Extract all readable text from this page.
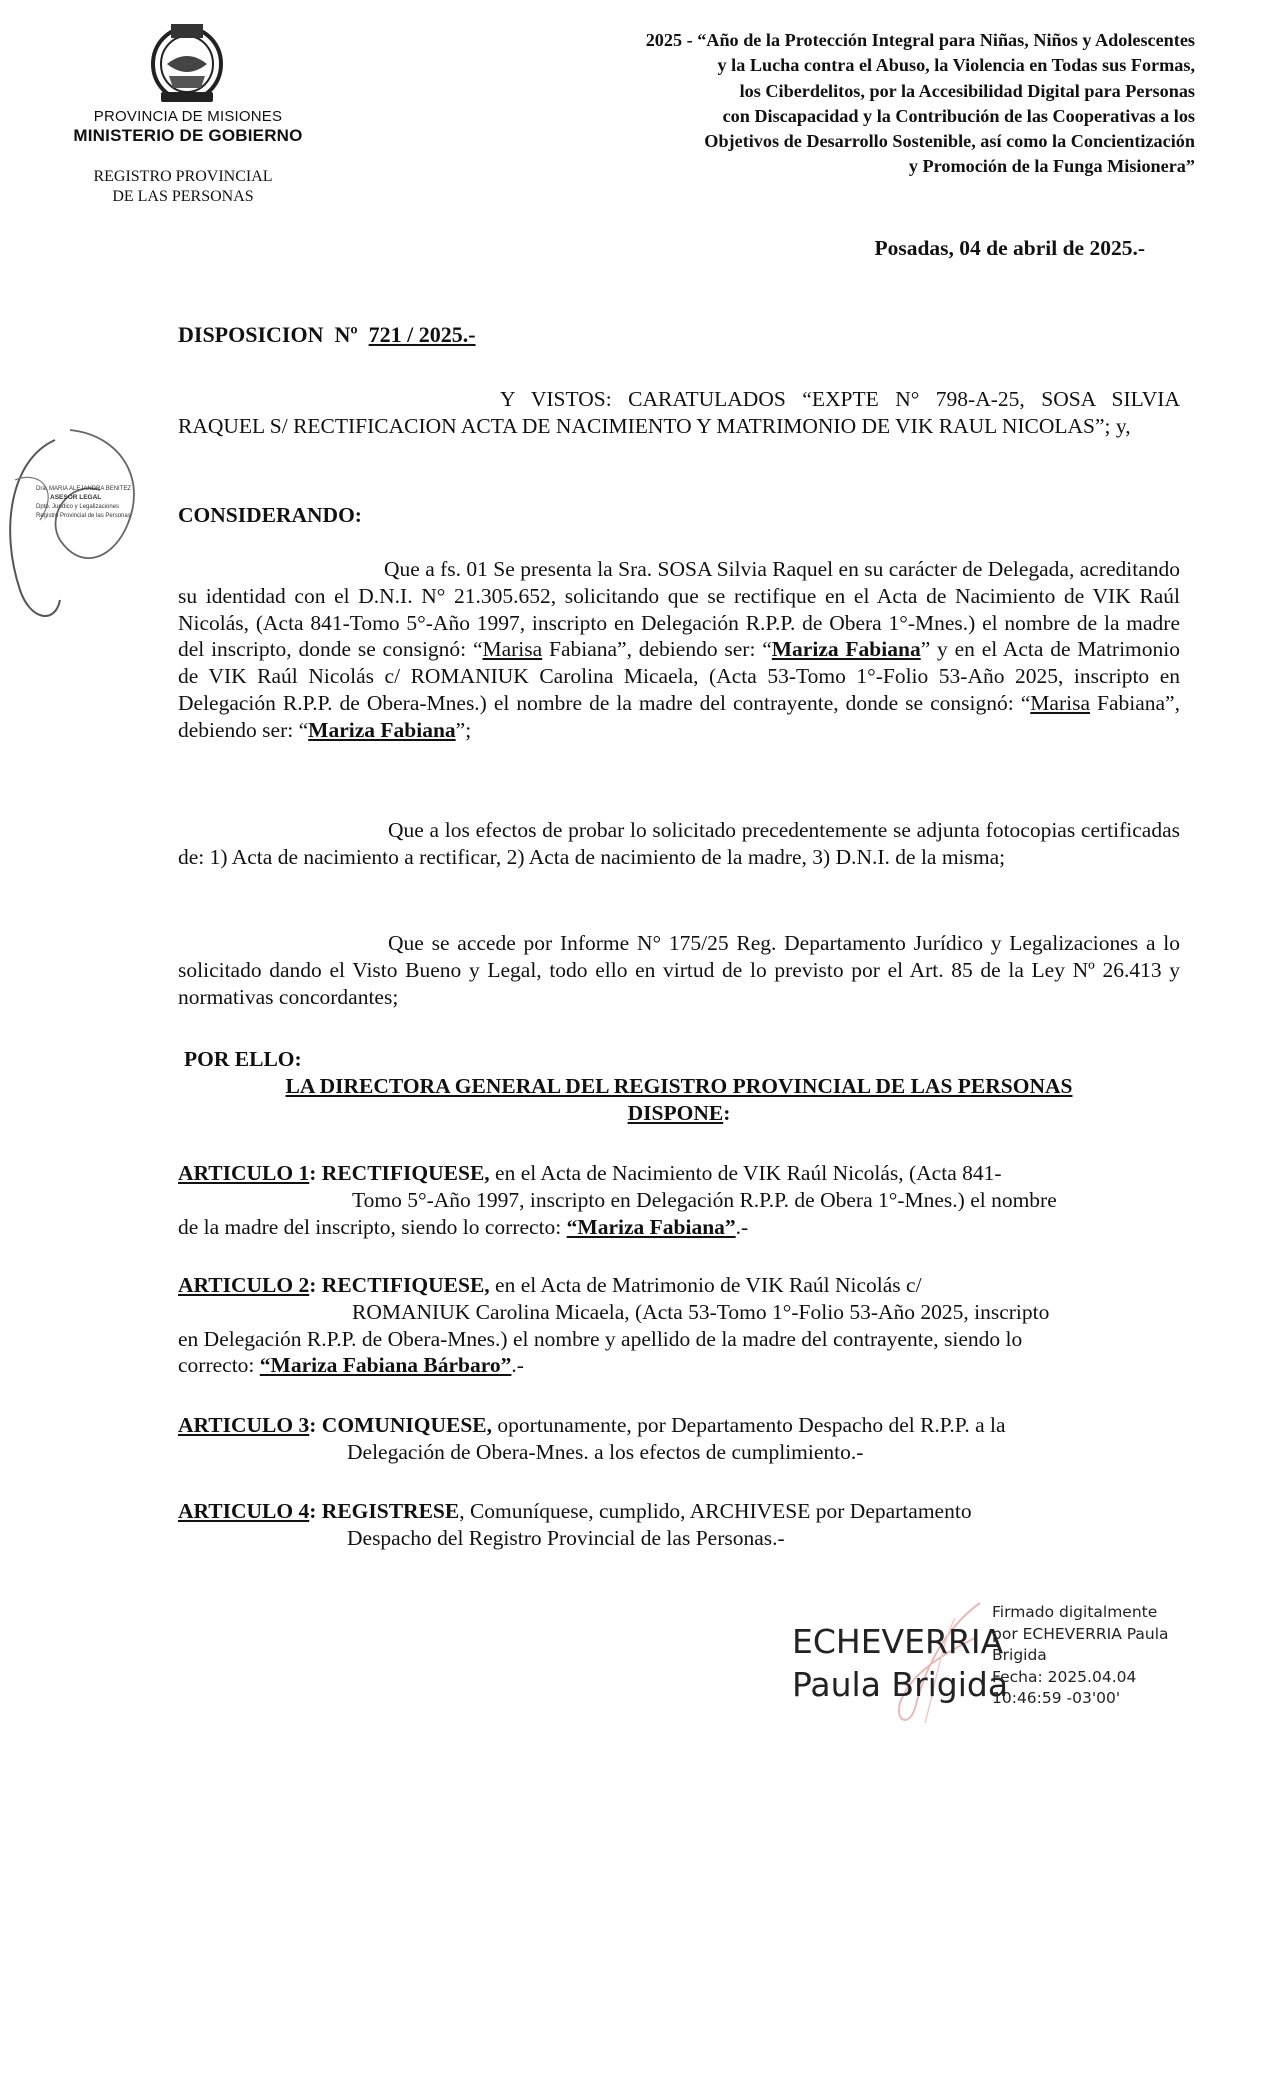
PROVINCIA DE MISIONES
MINISTERIO DE GOBIERNO
REGISTRO PROVINCIAL
DE LAS PERSONAS
2025 - “Año de la Protección Integral para Niñas, Niños y Adolescentes
y la Lucha contra el Abuso, la Violencia en Todas sus Formas,
los Ciberdelitos, por la Accesibilidad Digital para Personas
con Discapacidad y la Contribución de las Cooperativas a los
Objetivos de Desarrollo Sostenible, así como la Concientización
y Promoción de la Funga Misionera”
Posadas, 04 de abril de 2025.-
DISPOSICION Nº 721 / 2025.-
Y VISTOS: CARATULADOS “EXPTE N° 798-A-25, SOSA SILVIA RAQUEL S/ RECTIFICACION ACTA DE NACIMIENTO Y MATRIMONIO DE VIK RAUL NICOLAS”; y,
CONSIDERANDO:
Que a fs. 01 Se presenta la Sra. SOSA Silvia Raquel en su carácter de Delegada, acreditando su identidad con el D.N.I. N° 21.305.652, solicitando que se rectifique en el Acta de Nacimiento de VIK Raúl Nicolás, (Acta 841-Tomo 5°-Año 1997, inscripto en Delegación R.P.P. de Obera 1°-Mnes.) el nombre de la madre del inscripto, donde se consignó: “Marisa Fabiana”, debiendo ser: “Mariza Fabiana” y en el Acta de Matrimonio de VIK Raúl Nicolás c/ ROMANIUK Carolina Micaela, (Acta 53-Tomo 1°-Folio 53-Año 2025, inscripto en Delegación R.P.P. de Obera-Mnes.) el nombre de la madre del contrayente, donde se consignó: “Marisa Fabiana”, debiendo ser: “Mariza Fabiana”;
Que a los efectos de probar lo solicitado precedentemente se adjunta fotocopias certificadas de: 1) Acta de nacimiento a rectificar, 2) Acta de nacimiento de la madre, 3) D.N.I. de la misma;
Que se accede por Informe N° 175/25 Reg. Departamento Jurídico y Legalizaciones a lo solicitado dando el Visto Bueno y Legal, todo ello en virtud de lo previsto por el Art. 85 de la Ley Nº 26.413 y normativas concordantes;
POR ELLO:
LA DIRECTORA GENERAL DEL REGISTRO PROVINCIAL DE LAS PERSONAS
DISPONE:
ARTICULO 1: RECTIFIQUESE, en el Acta de Nacimiento de VIK Raúl Nicolás, (Acta 841-
Tomo 5°-Año 1997, inscripto en Delegación R.P.P. de Obera 1°-Mnes.) el nombre
de la madre del inscripto, siendo lo correcto: “Mariza Fabiana”.-
ARTICULO 2: RECTIFIQUESE, en el Acta de Matrimonio de VIK Raúl Nicolás c/
ROMANIUK Carolina Micaela, (Acta 53-Tomo 1°-Folio 53-Año 2025, inscripto
en Delegación R.P.P. de Obera-Mnes.) el nombre y apellido de la madre del contrayente, siendo lo
correcto: “Mariza Fabiana Bárbaro”.-
ARTICULO 3: COMUNIQUESE, oportunamente, por Departamento Despacho del R.P.P. a la
Delegación de Obera-Mnes. a los efectos de cumplimiento.-
ARTICULO 4: REGISTRESE, Comuníquese, cumplido, ARCHIVESE por Departamento
Despacho del Registro Provincial de las Personas.-
Dra. MARIA ALEJANDRA BENITEZ
ASESOR LEGAL
Dpto. Jurídico y Legalizaciones
Registro Provincial de las Personas
ECHEVERRIA
Paula Brigida
Firmado digitalmente
por ECHEVERRIA Paula
Brigida
Fecha: 2025.04.04
10:46:59 -03'00'
